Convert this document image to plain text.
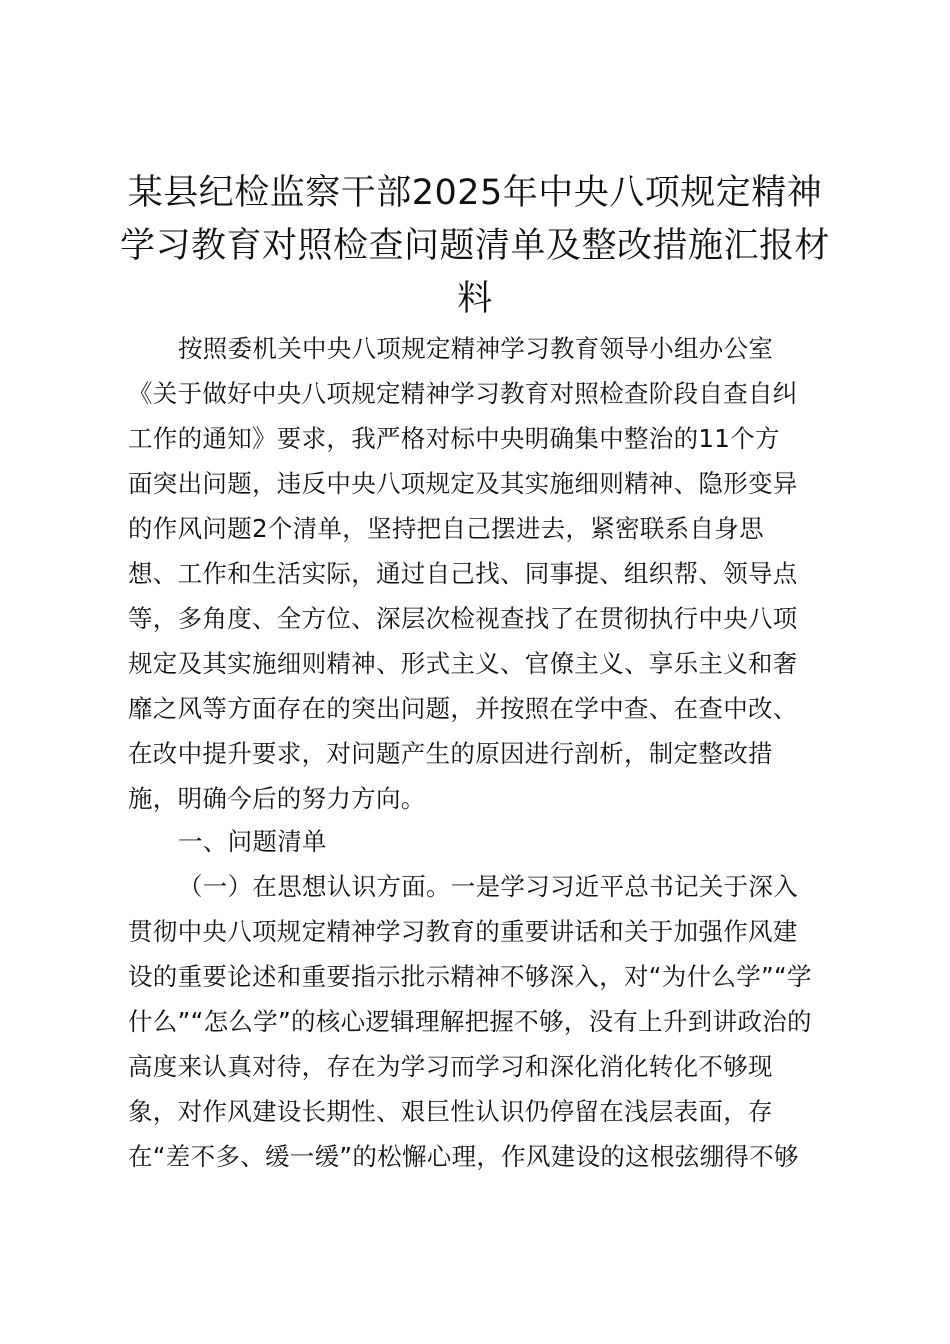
某县纪检监察干部2025年中央八项规定精神
学习教育对照检查问题清单及整改措施汇报材
料
按照委机关中央八项规定精神学习教育领导小组办公室
《关于做好中央八项规定精神学习教育对照检查阶段自查自纠
工作的通知》要求，我严格对标中央明确集中整治的11个方
面突出问题，违反中央八项规定及其实施细则精神、隐形变异
的作风问题2个清单，坚持把自己摆进去，紧密联系自身思
想、工作和生活实际，通过自己找、同事提、组织帮、领导点
等，多角度、全方位、深层次检视查找了在贯彻执行中央八项
规定及其实施细则精神、形式主义、官僚主义、享乐主义和奢
靡之风等方面存在的突出问题，并按照在学中查、在查中改、
在改中提升要求，对问题产生的原因进行剖析，制定整改措
施，明确今后的努力方向。
一、问题清单
（一）在思想认识方面。一是学习习近平总书记关于深入
贯彻中央八项规定精神学习教育的重要讲话和关于加强作风建
设的重要论述和重要指示批示精神不够深入，对“为什么学”“学
什么”“怎么学”的核心逻辑理解把握不够，没有上升到讲政治的
高度来认真对待，存在为学习而学习和深化消化转化不够现
象，对作风建设长期性、艰巨性认识仍停留在浅层表面，存
在“差不多、缓一缓”的松懈心理，作风建设的这根弦绷得不够
